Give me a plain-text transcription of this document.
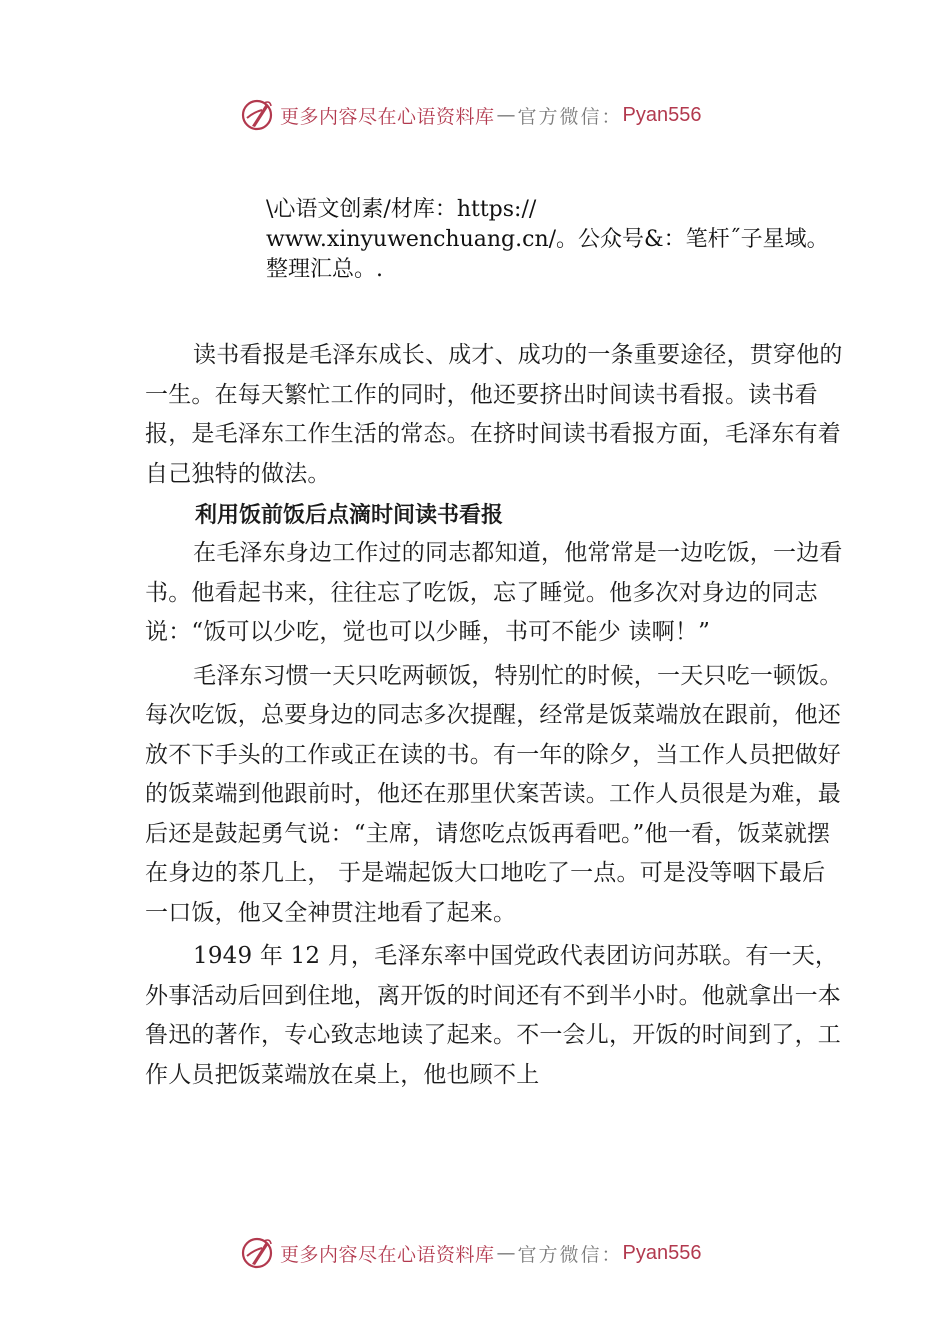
更多内容尽在心语资料库 — 官方微信： Pyan556
\心语文创素/材库：https://
www.xinyuwenchuang.cn/。公众号&：笔杆˝子星域。
整理汇总。.

读书看报是毛泽东成长、成才、成功的一条重要途径，贯穿他的一生。在每天繁忙工作的同时，他还要挤出时间读书看报。读书看报，是毛泽东工作生活的常态。在挤时间读书看报方面，毛泽东有着自己独特的做法。

利用饭前饭后点滴时间读书看报

在毛泽东身边工作过的同志都知道，他常常是一边吃饭，一边看书。他看起书来，往往忘了吃饭，忘了睡觉。他多次对身边的同志说：“饭可以少吃，觉也可以少睡，书可不能少 读啊！”

毛泽东习惯一天只吃两顿饭，特别忙的时候，一天只吃一顿饭。每次吃饭，总要身边的同志多次提醒，经常是饭菜端放在跟前，他还放不下手头的工作或正在读的书。有一年的除夕，当工作人员把做好的饭菜端到他跟前时，他还在那里伏案苦读。工作人员很是为难，最后还是鼓起勇气说：“主席，请您吃点饭再看吧。”他一看，饭菜就摆在身边的茶几上， 于是端起饭大口地吃了一点。可是没等咽下最后一口饭，他又全神贯注地看了起来。

1949 年 12 月，毛泽东率中国党政代表团访问苏联。有一天，外事活动后回到住地，离开饭的时间还有不到半小时。他就拿出一本鲁迅的著作，专心致志地读了起来。不一会儿，开饭的时间到了，工作人员把饭菜端放在桌上，他也顾不上

更多内容尽在心语资料库 — 官方微信： Pyan556
